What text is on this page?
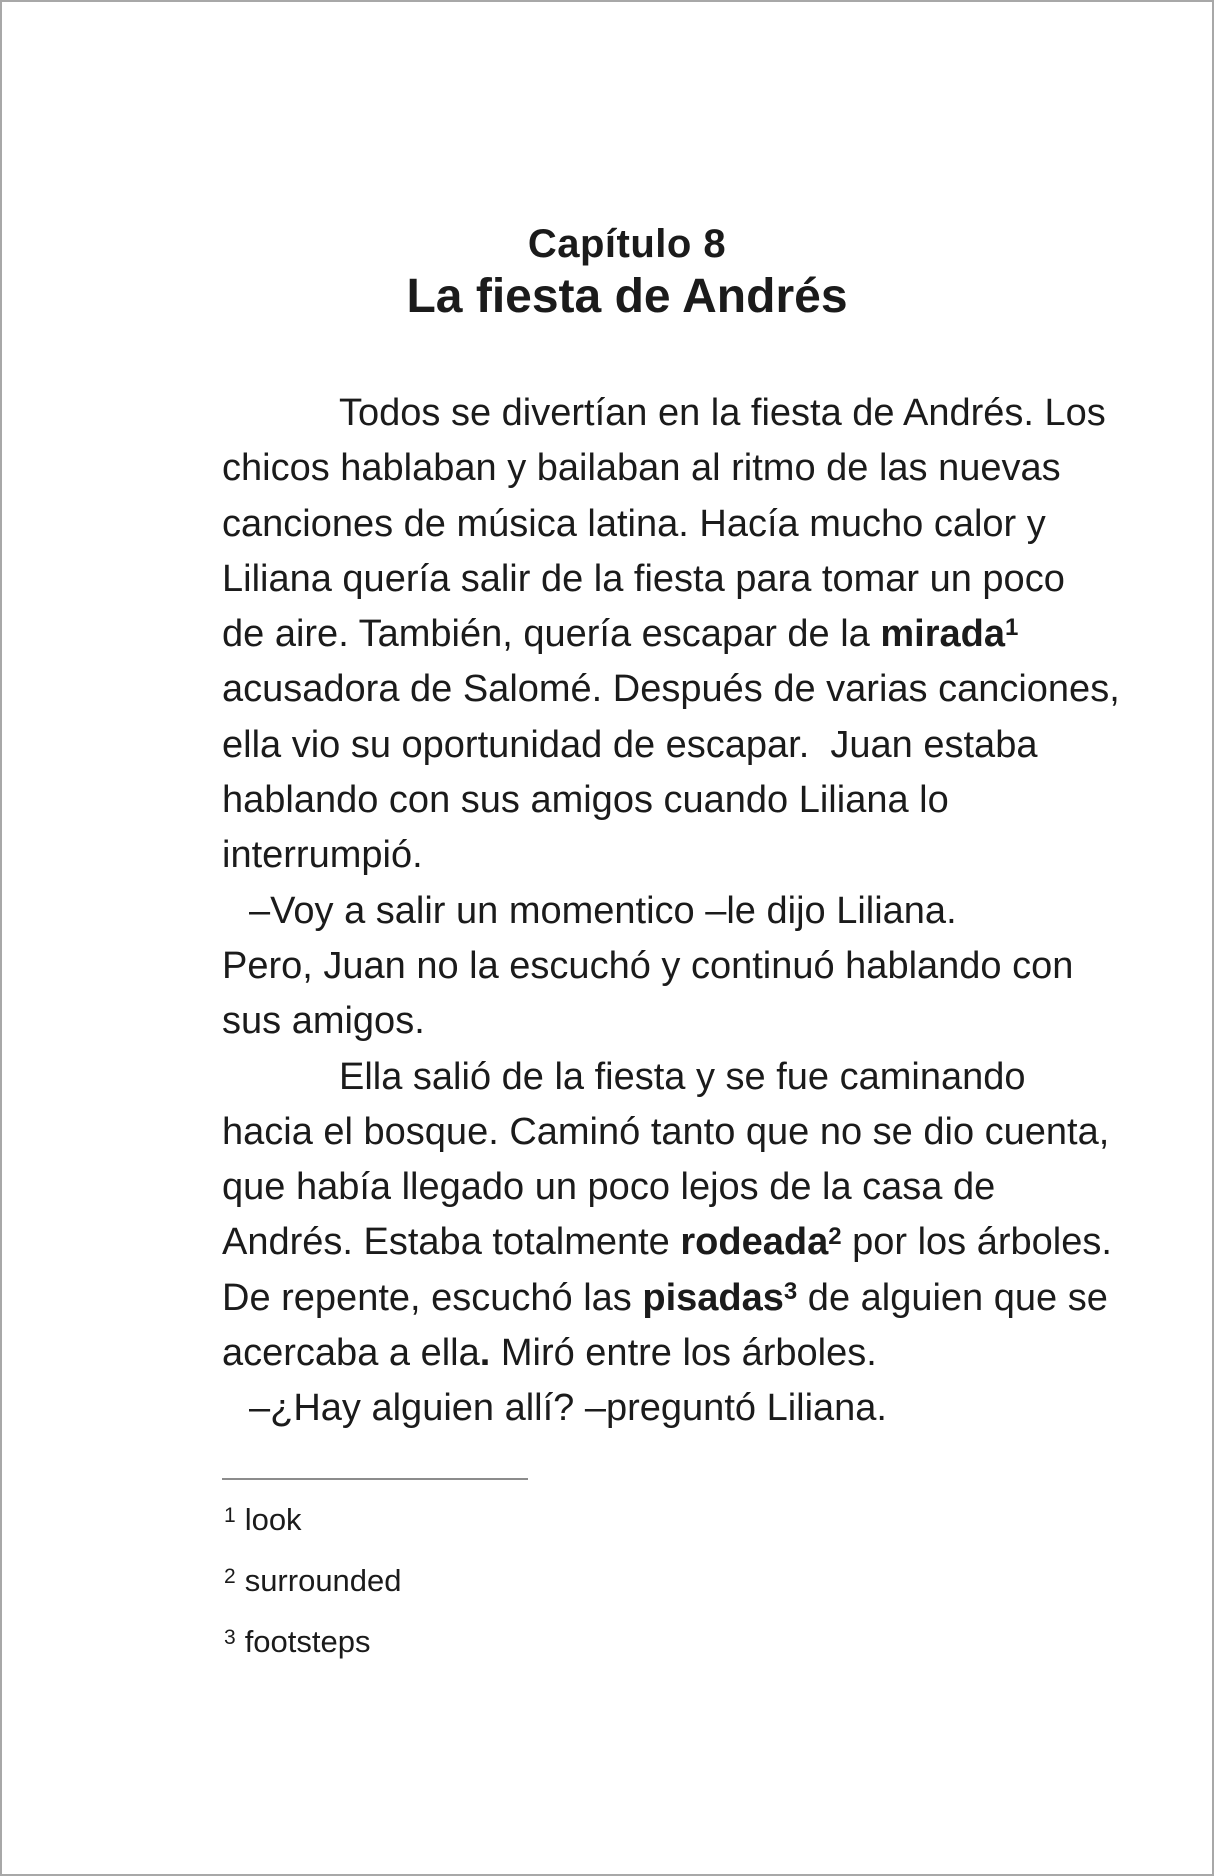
Capítulo 8
La fiesta de Andrés
Todos se divertían en la fiesta de Andrés. Los
chicos hablaban y bailaban al ritmo de las nuevas
canciones de música latina. Hacía mucho calor y
Liliana quería salir de la fiesta para tomar un poco
de aire. También, quería escapar de la mirada$^1$
acusadora de Salomé. Después de varias canciones,
ella vio su oportunidad de escapar.  Juan estaba
hablando con sus amigos cuando Liliana lo
interrumpió.
–Voy a salir un momentico –le dijo Liliana.
Pero, Juan no la escuchó y continuó hablando con
sus amigos.
Ella salió de la fiesta y se fue caminando
hacia el bosque. Caminó tanto que no se dio cuenta,
que había llegado un poco lejos de la casa de
Andrés. Estaba totalmente rodeada$^2$ por los árboles.
De repente, escuchó las pisadas$^3$ de alguien que se
acercaba a ella. Miró entre los árboles.
–¿Hay alguien allí? –preguntó Liliana.
$^1$ look
$^2$ surrounded
$^3$ footsteps
